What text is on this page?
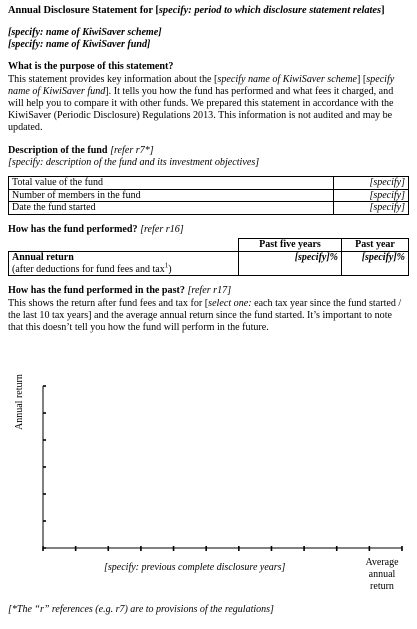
Annual Disclosure Statement for [specify: period to which disclosure statement relates]
[specify: name of KiwiSaver scheme]
[specify: name of KiwiSaver fund]
What is the purpose of this statement?
This statement provides key information about the [specify name of KiwiSaver scheme] [specify name of KiwiSaver fund]. It tells you how the fund has performed and what fees it charged, and will help you to compare it with other funds. We prepared this statement in accordance with the KiwiSaver (Periodic Disclosure) Regulations 2013. This information is not audited and may be updated.
Description of the fund [refer r7*]
[specify: description of the fund and its investment objectives]
Total value of the fund	[specify]
Number of members in the fund	[specify]
Date the fund started	[specify]
How has the fund performed? [refer r16]
	Past five years	Past year
Annual return
(after deductions for fund fees and tax$^1$)	[specify]%	[specify]%
How has the fund performed in the past? [refer r17]
This shows the return after fund fees and tax for [select one: each tax year since the fund started / the last 10 tax years] and the average annual return since the fund started. It’s important to note that this doesn’t tell you how the fund will perform in the future.
Annual return
[specify: previous complete disclosure years]	Average annual return
[*The “r” references (e.g. r7) are to provisions of the regulations]
